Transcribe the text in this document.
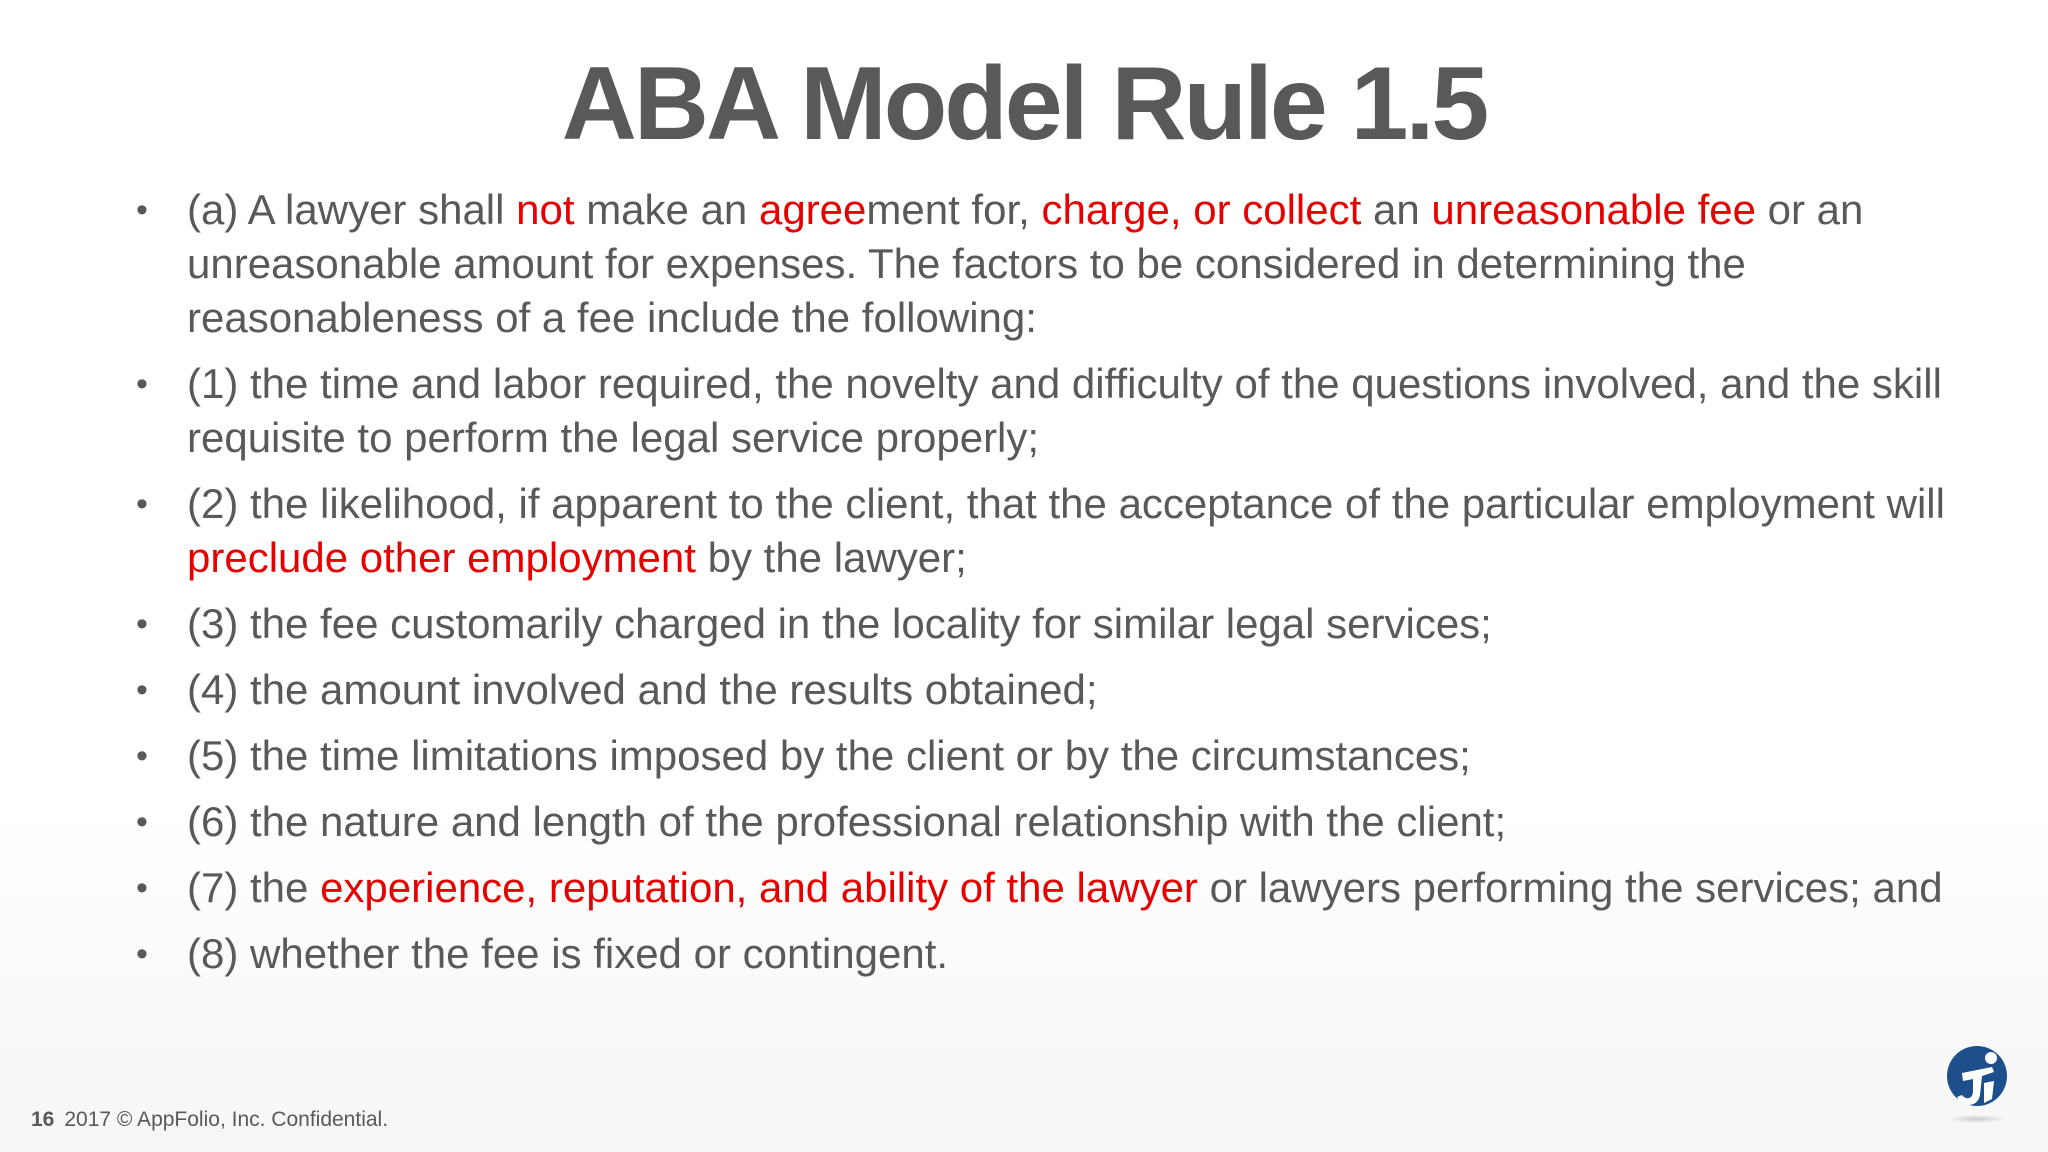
ABA Model Rule 1.5
• (a) A lawyer shall not make an agreement for, charge, or collect an unreasonable fee or an unreasonable amount for expenses. The factors to be considered in determining the reasonableness of a fee include the following:
• (1) the time and labor required, the novelty and difficulty of the questions involved, and the skill requisite to perform the legal service properly;
• (2) the likelihood, if apparent to the client, that the acceptance of the particular employment will preclude other employment by the lawyer;
• (3) the fee customarily charged in the locality for similar legal services;
• (4) the amount involved and the results obtained;
• (5) the time limitations imposed by the client or by the circumstances;
• (6) the nature and length of the professional relationship with the client;
• (7) the experience, reputation, and ability of the lawyer or lawyers performing the services; and
• (8) whether the fee is fixed or contingent.
16 2017 © AppFolio, Inc. Confidential.
